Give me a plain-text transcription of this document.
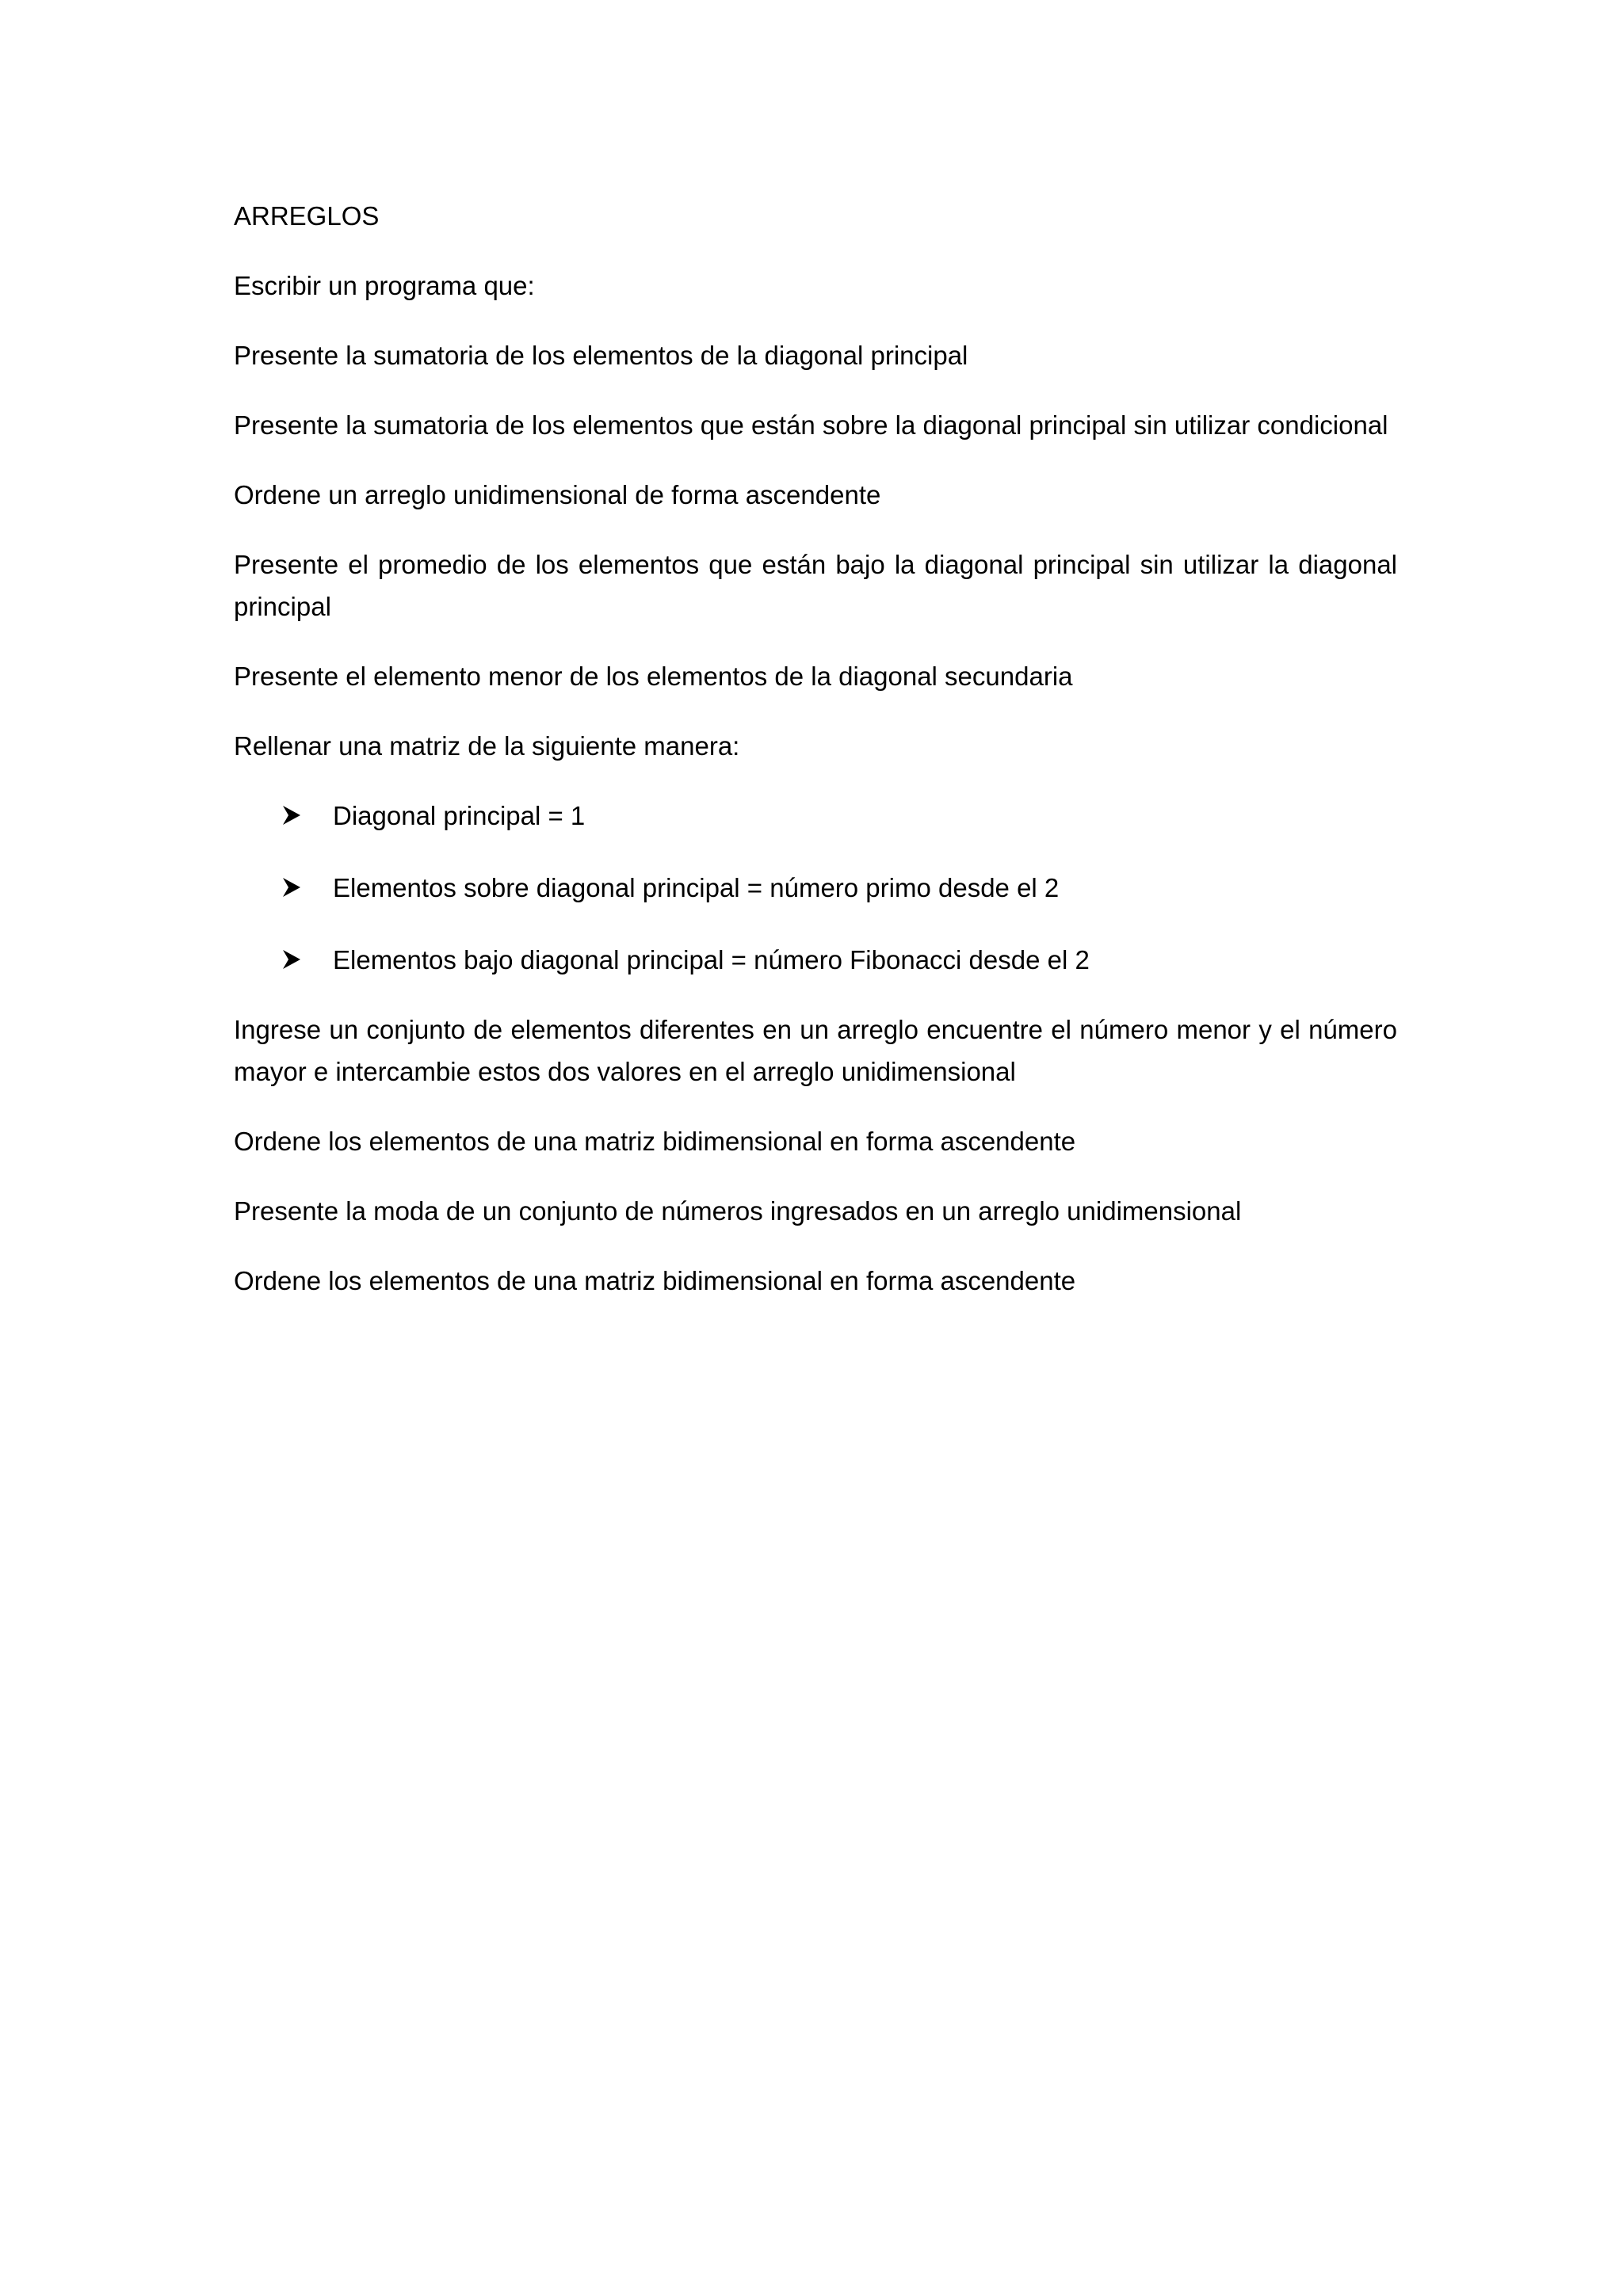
ARREGLOS

Escribir un programa que:

Presente la sumatoria de los elementos de la diagonal principal

Presente la sumatoria de los elementos que están sobre la diagonal principal sin utilizar condicional

Ordene un arreglo unidimensional de forma ascendente

Presente el promedio de los elementos que están bajo la diagonal principal sin utilizar la diagonal principal

Presente el elemento menor de los elementos de la diagonal secundaria

Rellenar una matriz de la siguiente manera:

Diagonal principal = 1
Elementos sobre diagonal principal = número primo desde el 2
Elementos bajo diagonal principal = número Fibonacci desde el 2

Ingrese un conjunto de elementos diferentes en un arreglo encuentre el número menor y el número mayor e intercambie estos dos valores en el arreglo unidimensional

Ordene los elementos de una matriz bidimensional en forma ascendente

Presente la moda de un conjunto de números ingresados en un arreglo unidimensional

Ordene los elementos de una matriz bidimensional en forma ascendente
